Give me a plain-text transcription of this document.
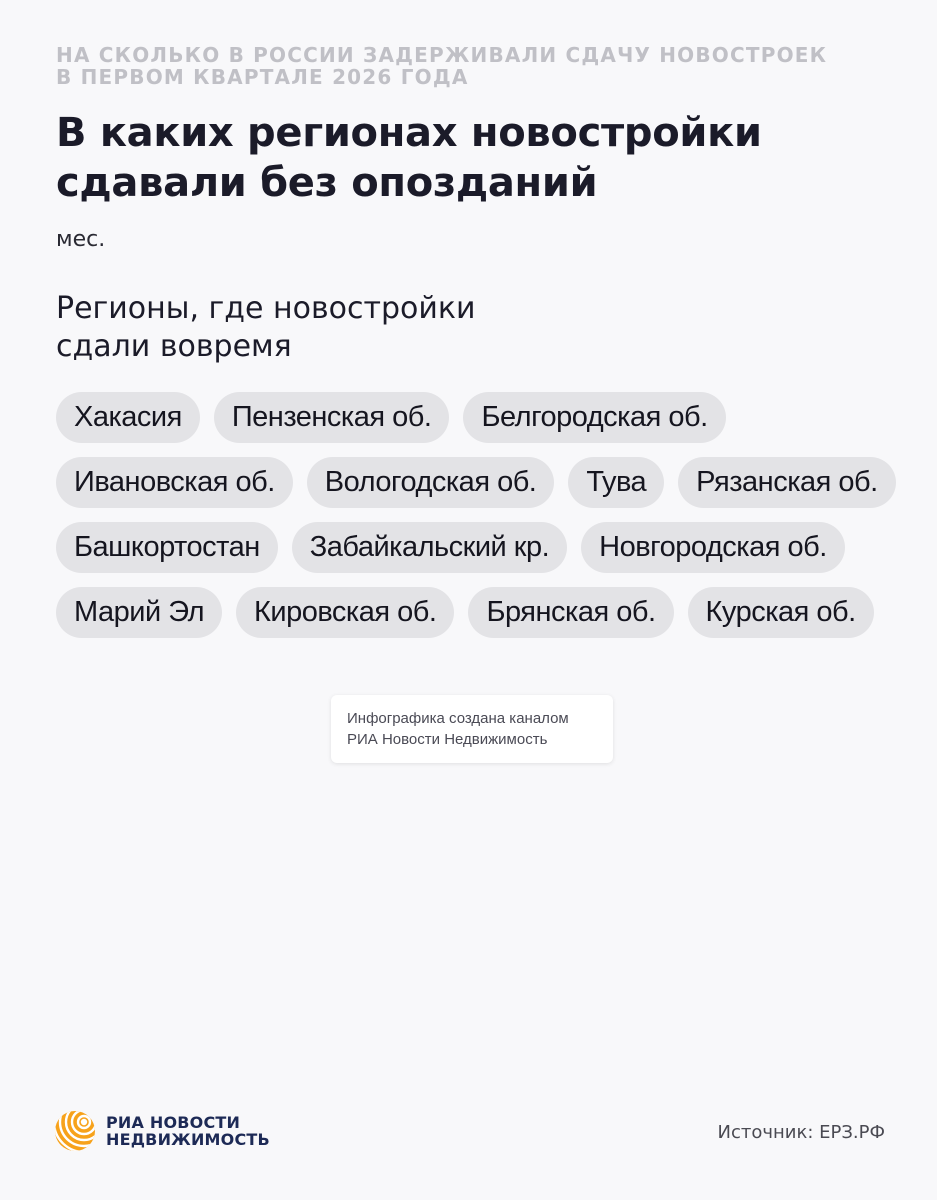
НА СКОЛЬКО В РОССИИ ЗАДЕРЖИВАЛИ СДАЧУ НОВОСТРОЕК
В ПЕРВОМ КВАРТАЛЕ 2026 ГОДА
В каких регионах новостройки
сдавали без опозданий
мес.
Регионы, где новостройки
сдали вовремя
Хакасия	Пензенская об.	Белгородская об.
Ивановская об.	Вологодская об.	Тува	Рязанская об.
Башкортостан	Забайкальский кр.	Новгородская об.
Марий Эл	Кировская об.	Брянская об.	Курская об.
Инфографика создана каналом
РИА Новости Недвижимость
РИА НОВОСТИ
НЕДВИЖИМОСТЬ	Источник: ЕРЗ.РФ
